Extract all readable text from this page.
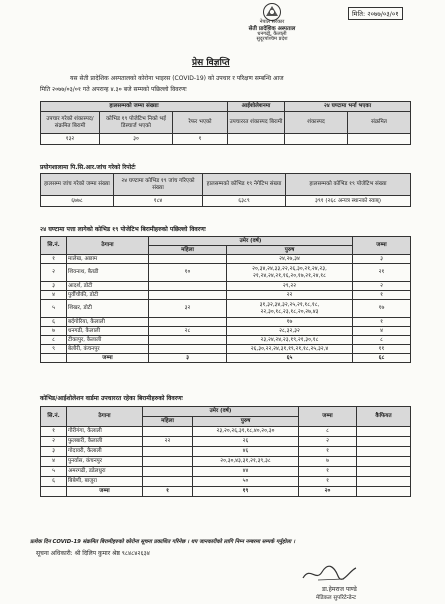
नेपाल सरकार
सेती प्रादेशिक अस्पताल
धनगढी, कैलाली
सुदूरपश्चिम प्रदेश
मिति: २०७७/०३/०१
प्रेस विज्ञप्ति
यस सेती प्रादेशिक अस्पतालको कोरोना भाइरस (COVID-19) को उपचार र परिक्षण सम्बन्धि आज
मिति २०७७/०३/०१ गते अपरान्ह ४.३० बजे सम्मको पछिल्लो विवरणः
हालसम्मको जम्मा संख्याः			आईशोलेशनमा	२४ घण्टामा भर्ना भएका	
उपचार गरेको शंकास्पद/संक्रमित बिरामी	कोभिड १९ पोजेटिभ निको भई डिस्चार्ज भएको	रेफर भएको	उपचाररत शंकास्पद बिरामी	शंकास्पद	संक्रमित
१३२	३०	१			
प्रयोगशालामा पि.सि.आर.जांच गरेको रिपोर्टः
हालसम्म जांच गरेको जम्मा संख्या	२४ घण्टामा कोभिड १९ जांच गरिएको संख्या	हालसम्मको कोभिड १९ नेगेटिभ संख्या	हालसम्मको कोभिड १९ पोजेटिभ संख्या
६७७८	१८४	६३८९	३९१ (२६८ अन्यत्र स्थानको स्वाब्)
२४ घण्टामा पत्ता लागेको कोभिड १९ पोजेटिभ बिरामीहरुको पछिल्लो विवरणः
सि.नं.	ठेगाना	उमेर (वर्ष)		जम्मा
		महिला	पुरुष	
१	मालेख, अछाम		२४,२७,३४	३
२	शिवनाथ, बैतडी	१०	२०,३४,२४,३३,२२,२६,३०,२१,२४,२३,
२१,२४,२४,२१,१६,२०,१७,२१,२४,१८	२१
३	आदर्श, डोटी		२९,२२	२
४	पुर्वीचौकी, डोटी		२२	१
५	शिखर, डोटी	३२	३१,३२,३४,३२,२५,२१,१८,१८,
२२,३०,१८,२३,१८,२०,२७,४३	१७
६	बर्दगोरिया, कैलाली		१७	१
७	धनगढी, कैलाली	२८	२८,३२,३२	४
८	टीकापुर, कैलाली		२३,२४,२४,२३,१९,२१,३०,१८	८
९	बेलौरी, कंचनपुर		२६,३०,२२,२४,३१,१९,२१,१८,२५,३२,४	११
	जम्मा	३	६५	६८
कोभिड/आईशोलेशन वार्डमा उपचाररत रहेका बिरामीहरुको विवरणः
सि.नं.	ठेगाना	उमेर (वर्ष)		जम्मा	कैफियत
		महिला	पुरुष		
१	गौरीगंगा, कैलाली		२३,२०,२६,३१,१८,४०,२०,३०	८	
२	फुलबारी, कैलाली	२२	२६	२	
३	गोदावरी, कैलाली		४६	१	
४	पुनर्वास, कंचनपुर		२०,३०,४३,३१,२१,३९,३८	७	
५	अमरगढी, डडेलधुरा		४४	१	
६	बिबेणी, बाजुरा		५०	१	
	जम्मा	१	१९	२०	
प्रत्येक दिन COVID-19 संक्रमित बिरामीहरुको कोरोना सूचना प्रकाशित गरिनेछ । थप जानकारीको लागि निम्न नम्बरमा सम्पर्क गर्नुहोला ।
सूचना अधिकारी: श्री दिलिप कुमार श्रेष्ठ ९८४८४२६३४
डा.हेमराज पाण्डे
मेडिकल सुपरिटेन्डेन्ट
